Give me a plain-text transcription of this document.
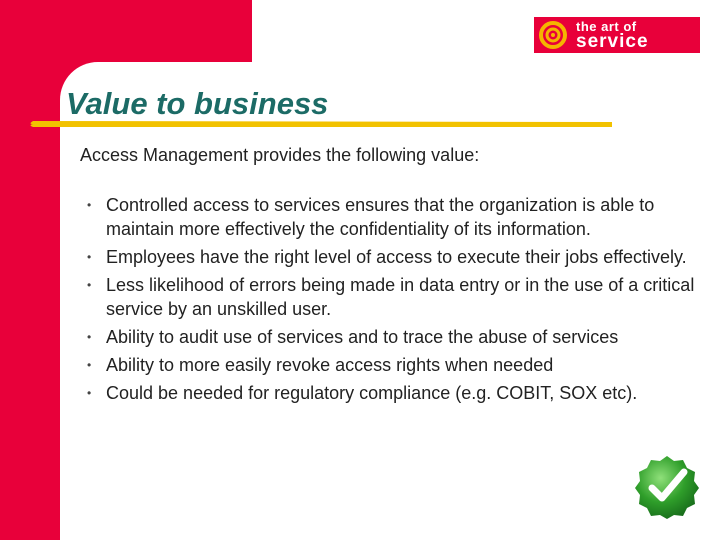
the art of
service
Value to business

Access Management provides the following value:

• Controlled access to services ensures that the organization is able to maintain more effectively the confidentiality of its information.
• Employees have the right level of access to execute their jobs effectively.
• Less likelihood of errors being made in data entry or in the use of a critical service by an unskilled user.
• Ability to audit use of services and to trace the abuse of services
• Ability to more easily revoke access rights when needed
• Could be needed for regulatory compliance (e.g. COBIT, SOX etc).
